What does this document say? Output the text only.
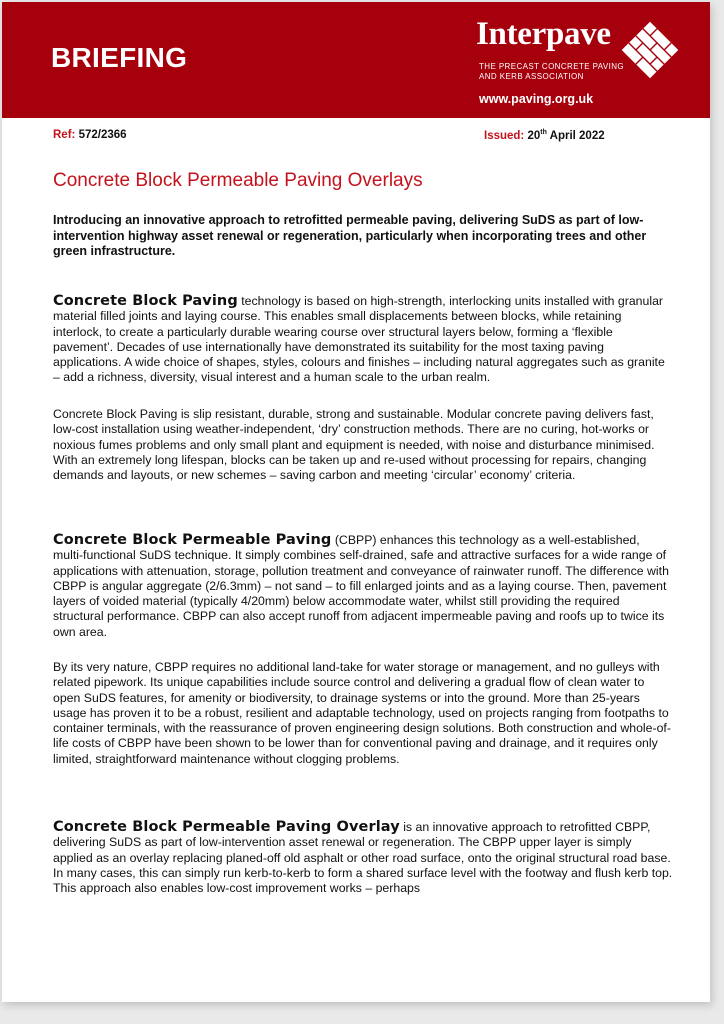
BRIEFING
Interpave
THE PRECAST CONCRETE PAVING
AND KERB ASSOCIATION
www.paving.org.uk
Ref: 572/2366	Issued: 20th April 2022
Concrete Block Permeable Paving Overlays
Introducing an innovative approach to retrofitted permeable paving, delivering SuDS as part of low-intervention highway asset renewal or regeneration, particularly when incorporating trees and other green infrastructure.
Concrete Block Paving technology is based on high-strength, interlocking units installed with granular material filled joints and laying course. This enables small displacements between blocks, while retaining interlock, to create a particularly durable wearing course over structural layers below, forming a ‘flexible pavement’. Decades of use internationally have demonstrated its suitability for the most taxing paving applications. A wide choice of shapes, styles, colours and finishes – including natural aggregates such as granite – add a richness, diversity, visual interest and a human scale to the urban realm.
Concrete Block Paving is slip resistant, durable, strong and sustainable. Modular concrete paving delivers fast, low-cost installation using weather-independent, ‘dry’ construction methods. There are no curing, hot-works or noxious fumes problems and only small plant and equipment is needed, with noise and disturbance minimised. With an extremely long lifespan, blocks can be taken up and re-used without processing for repairs, changing demands and layouts, or new schemes – saving carbon and meeting ‘circular’ economy’ criteria.
Concrete Block Permeable Paving (CBPP) enhances this technology as a well-established, multi-functional SuDS technique. It simply combines self-drained, safe and attractive surfaces for a wide range of applications with attenuation, storage, pollution treatment and conveyance of rainwater runoff. The difference with CBPP is angular aggregate (2/6.3mm) – not sand – to fill enlarged joints and as a laying course. Then, pavement layers of voided material (typically 4/20mm) below accommodate water, whilst still providing the required structural performance. CBPP can also accept runoff from adjacent impermeable paving and roofs up to twice its own area.
By its very nature, CBPP requires no additional land-take for water storage or management, and no gulleys with related pipework. Its unique capabilities include source control and delivering a gradual flow of clean water to open SuDS features, for amenity or biodiversity, to drainage systems or into the ground. More than 25-years usage has proven it to be a robust, resilient and adaptable technology, used on projects ranging from footpaths to container terminals, with the reassurance of proven engineering design solutions. Both construction and whole-of-life costs of CBPP have been shown to be lower than for conventional paving and drainage, and it requires only limited, straightforward maintenance without clogging problems.
Concrete Block Permeable Paving Overlay is an innovative approach to retrofitted CBPP, delivering SuDS as part of low-intervention asset renewal or regeneration. The CBPP upper layer is simply applied as an overlay replacing planed-off old asphalt or other road surface, onto the original structural road base. In many cases, this can simply run kerb-to-kerb to form a shared surface level with the footway and flush kerb top. This approach also enables low-cost improvement works – perhaps
